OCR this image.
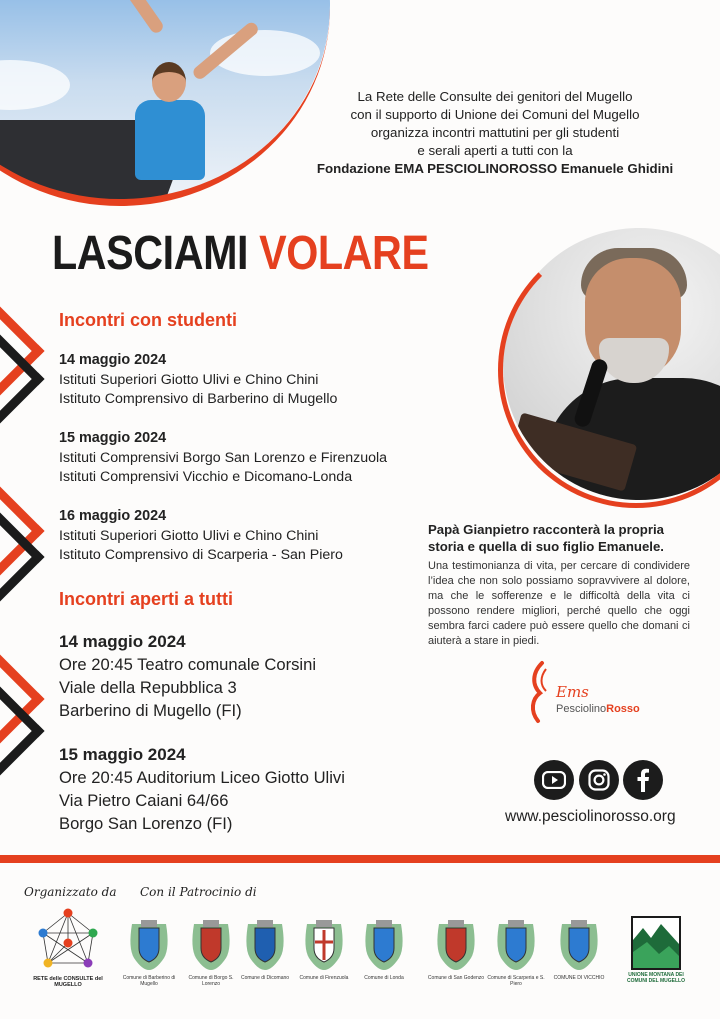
La Rete delle Consulte dei genitori del Mugello
con il supporto di Unione dei Comuni del Mugello
organizza incontri mattutini per gli studenti
e serali aperti a tutti con la
Fondazione EMA PESCIOLINOROSSO Emanuele Ghidini
LASCIAMI VOLARE
Incontri con studenti
14 maggio 2024
Istituti Superiori Giotto Ulivi e Chino Chini
Istituto Comprensivo di Barberino di Mugello
15 maggio 2024
Istituti Comprensivi Borgo San Lorenzo e Firenzuola
Istituti Comprensivi Vicchio e Dicomano-Londa
16 maggio 2024
Istituti Superiori Giotto Ulivi e Chino Chini
Istituto Comprensivo di Scarperia - San Piero
Incontri aperti a tutti
14 maggio 2024
Ore 20:45 Teatro comunale Corsini
Viale della Repubblica 3
Barberino di Mugello (FI)
15 maggio 2024
Ore 20:45 Auditorium Liceo Giotto Ulivi
Via Pietro Caiani 64/66
Borgo San Lorenzo (FI)
Papà Gianpietro racconterà la propria
storia e quella di suo figlio Emanuele.
Una testimonianza di vita, per cercare di condividere l’idea che non solo possiamo sopravvivere al dolore, ma che le sofferenze e le difficoltà della vita ci possono rendere migliori, perché quello che oggi sembra farci cadere può essere quello che domani ci aiuterà a stare in piedi.
Ems
PesciolinoRosso
www.pesciolinorosso.org
Organizzato da Con il Patrocinio di
RETE delle CONSULTE del MUGELLO
Comune di Barberino di Mugello
Comune di Borgo S. Lorenzo
Comune di Dicomano	Comune di Firenzuola	Comune di Londa	Comune di San Godenzo Comune di Scarperia e S. Piero
COMUNE DI VICCHIO	UNIONE MONTANA DEI COMUNI DEL MUGELLO
